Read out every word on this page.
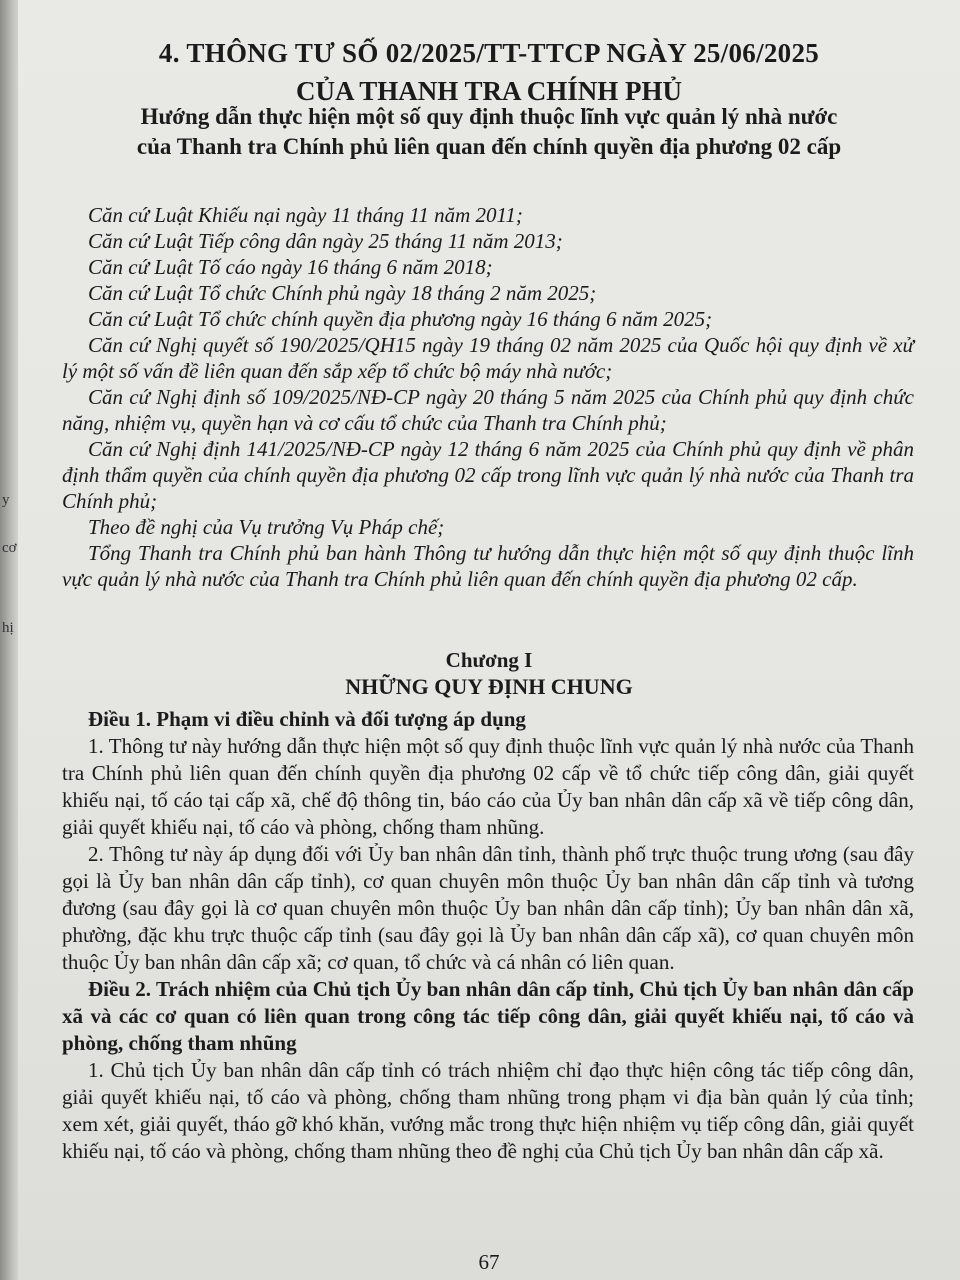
y
cơ
hị
4. THÔNG TƯ SỐ 02/2025/TT-TTCP NGÀY 25/06/2025
CỦA THANH TRA CHÍNH PHỦ
Hướng dẫn thực hiện một số quy định thuộc lĩnh vực quản lý nhà nước
của Thanh tra Chính phủ liên quan đến chính quyền địa phương 02 cấp

Căn cứ Luật Khiếu nại ngày 11 tháng 11 năm 2011;

Căn cứ Luật Tiếp công dân ngày 25 tháng 11 năm 2013;

Căn cứ Luật Tố cáo ngày 16 tháng 6 năm 2018;

Căn cứ Luật Tổ chức Chính phủ ngày 18 tháng 2 năm 2025;

Căn cứ Luật Tổ chức chính quyền địa phương ngày 16 tháng 6 năm 2025;

Căn cứ Nghị quyết số 190/2025/QH15 ngày 19 tháng 02 năm 2025 của Quốc hội quy định về xử lý một số vấn đề liên quan đến sắp xếp tổ chức bộ máy nhà nước;

Căn cứ Nghị định số 109/2025/NĐ-CP ngày 20 tháng 5 năm 2025 của Chính phủ quy định chức năng, nhiệm vụ, quyền hạn và cơ cấu tổ chức của Thanh tra Chính phủ;

Căn cứ Nghị định 141/2025/NĐ-CP ngày 12 tháng 6 năm 2025 của Chính phủ quy định về phân định thẩm quyền của chính quyền địa phương 02 cấp trong lĩnh vực quản lý nhà nước của Thanh tra Chính phủ;

Theo đề nghị của Vụ trưởng Vụ Pháp chế;

Tổng Thanh tra Chính phủ ban hành Thông tư hướng dẫn thực hiện một số quy định thuộc lĩnh vực quản lý nhà nước của Thanh tra Chính phủ liên quan đến chính quyền địa phương 02 cấp.

Chương I
NHỮNG QUY ĐỊNH CHUNG

Điều 1. Phạm vi điều chỉnh và đối tượng áp dụng

1. Thông tư này hướng dẫn thực hiện một số quy định thuộc lĩnh vực quản lý nhà nước của Thanh tra Chính phủ liên quan đến chính quyền địa phương 02 cấp về tổ chức tiếp công dân, giải quyết khiếu nại, tố cáo tại cấp xã, chế độ thông tin, báo cáo của Ủy ban nhân dân cấp xã về tiếp công dân, giải quyết khiếu nại, tố cáo và phòng, chống tham nhũng.

2. Thông tư này áp dụng đối với Ủy ban nhân dân tỉnh, thành phố trực thuộc trung ương (sau đây gọi là Ủy ban nhân dân cấp tỉnh), cơ quan chuyên môn thuộc Ủy ban nhân dân cấp tỉnh và tương đương (sau đây gọi là cơ quan chuyên môn thuộc Ủy ban nhân dân cấp tỉnh); Ủy ban nhân dân xã, phường, đặc khu trực thuộc cấp tỉnh (sau đây gọi là Ủy ban nhân dân cấp xã), cơ quan chuyên môn thuộc Ủy ban nhân dân cấp xã; cơ quan, tổ chức và cá nhân có liên quan.

Điều 2. Trách nhiệm của Chủ tịch Ủy ban nhân dân cấp tỉnh, Chủ tịch Ủy ban nhân dân cấp xã và các cơ quan có liên quan trong công tác tiếp công dân, giải quyết khiếu nại, tố cáo và phòng, chống tham nhũng

1. Chủ tịch Ủy ban nhân dân cấp tỉnh có trách nhiệm chỉ đạo thực hiện công tác tiếp công dân, giải quyết khiếu nại, tố cáo và phòng, chống tham nhũng trong phạm vi địa bàn quản lý của tỉnh; xem xét, giải quyết, tháo gỡ khó khăn, vướng mắc trong thực hiện nhiệm vụ tiếp công dân, giải quyết khiếu nại, tố cáo và phòng, chống tham nhũng theo đề nghị của Chủ tịch Ủy ban nhân dân cấp xã.

67
